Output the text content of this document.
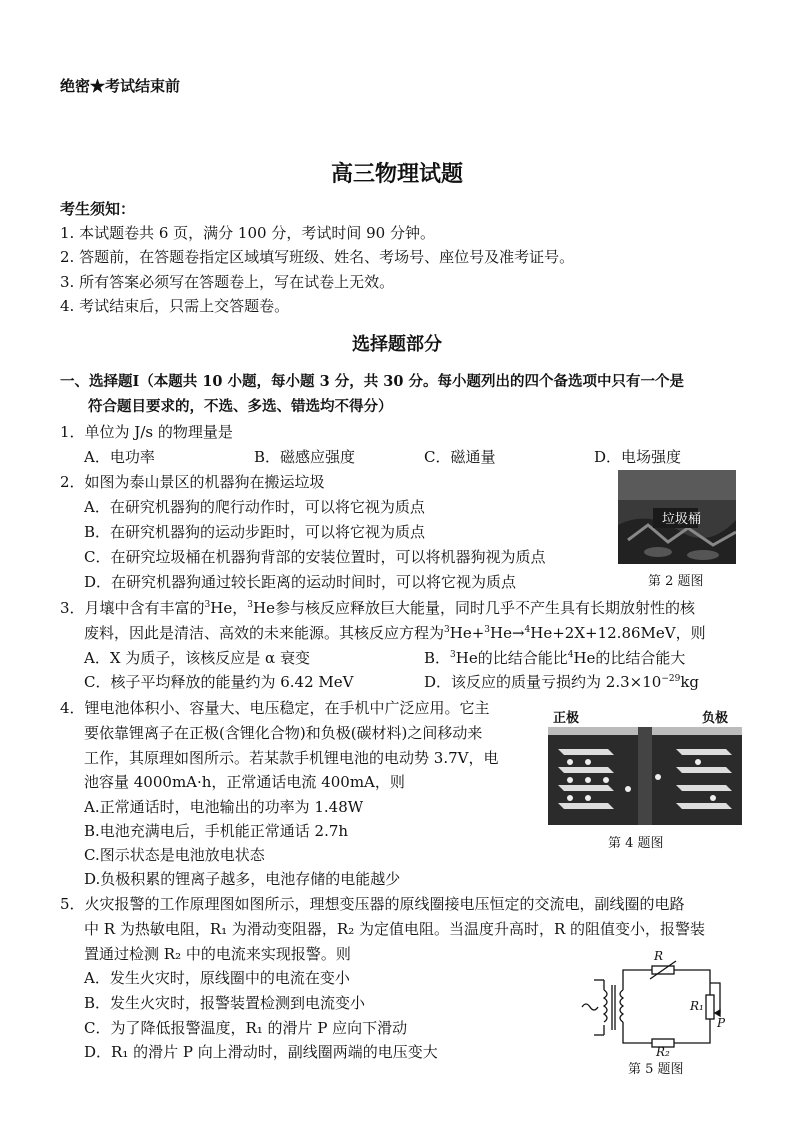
绝密★考试结束前
高三物理试题
考生须知：
1. 本试题卷共 6 页，满分 100 分，考试时间 90 分钟。
2. 答题前，在答题卷指定区域填写班级、姓名、考场号、座位号及准考证号。
3. 所有答案必须写在答题卷上，写在试卷上无效。
4. 考试结束后，只需上交答题卷。
选择题部分
一、选择题Ⅰ（本题共 10 小题，每小题 3 分，共 30 分。每小题列出的四个备选项中只有一个是
符合题目要求的，不选、多选、错选均不得分）
1．单位为 J/s 的物理量是
A．电功率	B．磁感应强度	C．磁通量	D．电场强度
2．如图为泰山景区的机器狗在搬运垃圾
A．在研究机器狗的爬行动作时，可以将它视为质点
B．在研究机器狗的运动步距时，可以将它视为质点
C．在研究垃圾桶在机器狗背部的安装位置时，可以将机器狗视为质点
D．在研究机器狗通过较长距离的运动时间时，可以将它视为质点
垃圾桶
第 2 题图
3．月壤中含有丰富的$^3$He，$^3$He参与核反应释放巨大能量，同时几乎不产生具有长期放射性的核
废料，因此是清洁、高效的未来能源。其核反应方程为$^3$He+$^3$He→$^4$He+2X+12.86MeV，则
A．X 为质子，该核反应是 α 衰变	B．$^3$He的比结合能比$^4$He的比结合能大
C．核子平均释放的能量约为 6.42 MeV	D．该反应的质量亏损约为 $2.3\times 10^{-29}kg$
4．锂电池体积小、容量大、电压稳定，在手机中广泛应用。它主
要依靠锂离子在正极(含锂化合物)和负极(碳材料)之间移动来
工作，其原理如图所示。若某款手机锂电池的电动势 3.7V，电
池容量 4000mA·h，正常通话电流 400mA，则
A.正常通话时，电池输出的功率为 1.48W
B.电池充满电后，手机能正常通话 2.7h
C.图示状态是电池放电状态
D.负极积累的锂离子越多，电池存储的电能越少
正极	负极
第 4 题图
5．火灾报警的工作原理图如图所示，理想变压器的原线圈接电压恒定的交流电，副线圈的电路
中 R 为热敏电阻，R₁ 为滑动变阻器，R₂ 为定值电阻。当温度升高时，R 的阻值变小，报警装
置通过检测 R₂ 中的电流来实现报警。则
A．发生火灾时，原线圈中的电流在变小
B．发生火灾时，报警装置检测到电流变小
C．为了降低报警温度，R₁ 的滑片 P 应向下滑动
D．R₁ 的滑片 P 向上滑动时，副线圈两端的电压变大
R
R₁
P
R₂
第 5 题图
